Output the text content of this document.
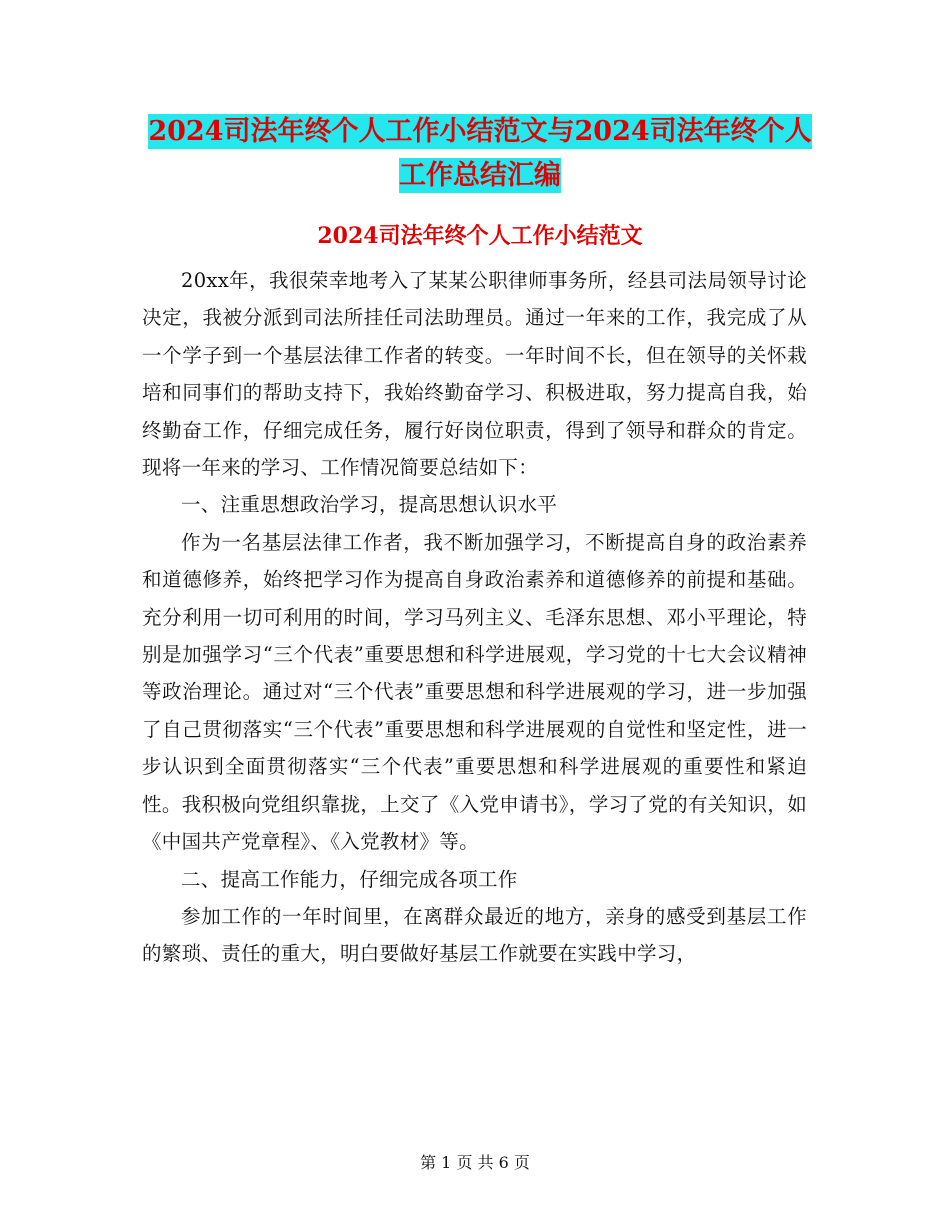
2024司法年终个人工作小结范文与2024司法年终个人
工作总结汇编
2024司法年终个人工作小结范文

20xx年，我很荣幸地考入了某某公职律师事务所，经县司法局领导讨论决定，我被分派到司法所挂任司法助理员。通过一年来的工作，我完成了从一个学子到一个基层法律工作者的转变。一年时间不长，但在领导的关怀栽培和同事们的帮助支持下，我始终勤奋学习、积极进取，努力提高自我，始终勤奋工作，仔细完成任务，履行好岗位职责，得到了领导和群众的肯定。现将一年来的学习、工作情况简要总结如下：

一、注重思想政治学习，提高思想认识水平

作为一名基层法律工作者，我不断加强学习，不断提高自身的政治素养和道德修养，始终把学习作为提高自身政治素养和道德修养的前提和基础。充分利用一切可利用的时间，学习马列主义、毛泽东思想、邓小平理论，特别是加强学习“三个代表”重要思想和科学进展观，学习党的十七大会议精神等政治理论。通过对“三个代表”重要思想和科学进展观的学习，进一步加强了自己贯彻落实“三个代表”重要思想和科学进展观的自觉性和坚定性，进一步认识到全面贯彻落实“三个代表”重要思想和科学进展观的重要性和紧迫性。我积极向党组织靠拢，上交了《入党申请书》，学习了党的有关知识，如《中国共产党章程》、《入党教材》等。

二、提高工作能力，仔细完成各项工作

参加工作的一年时间里，在离群众最近的地方，亲身的感受到基层工作的繁琐、责任的重大，明白要做好基层工作就要在实践中学习，

第 1 页 共 6 页
